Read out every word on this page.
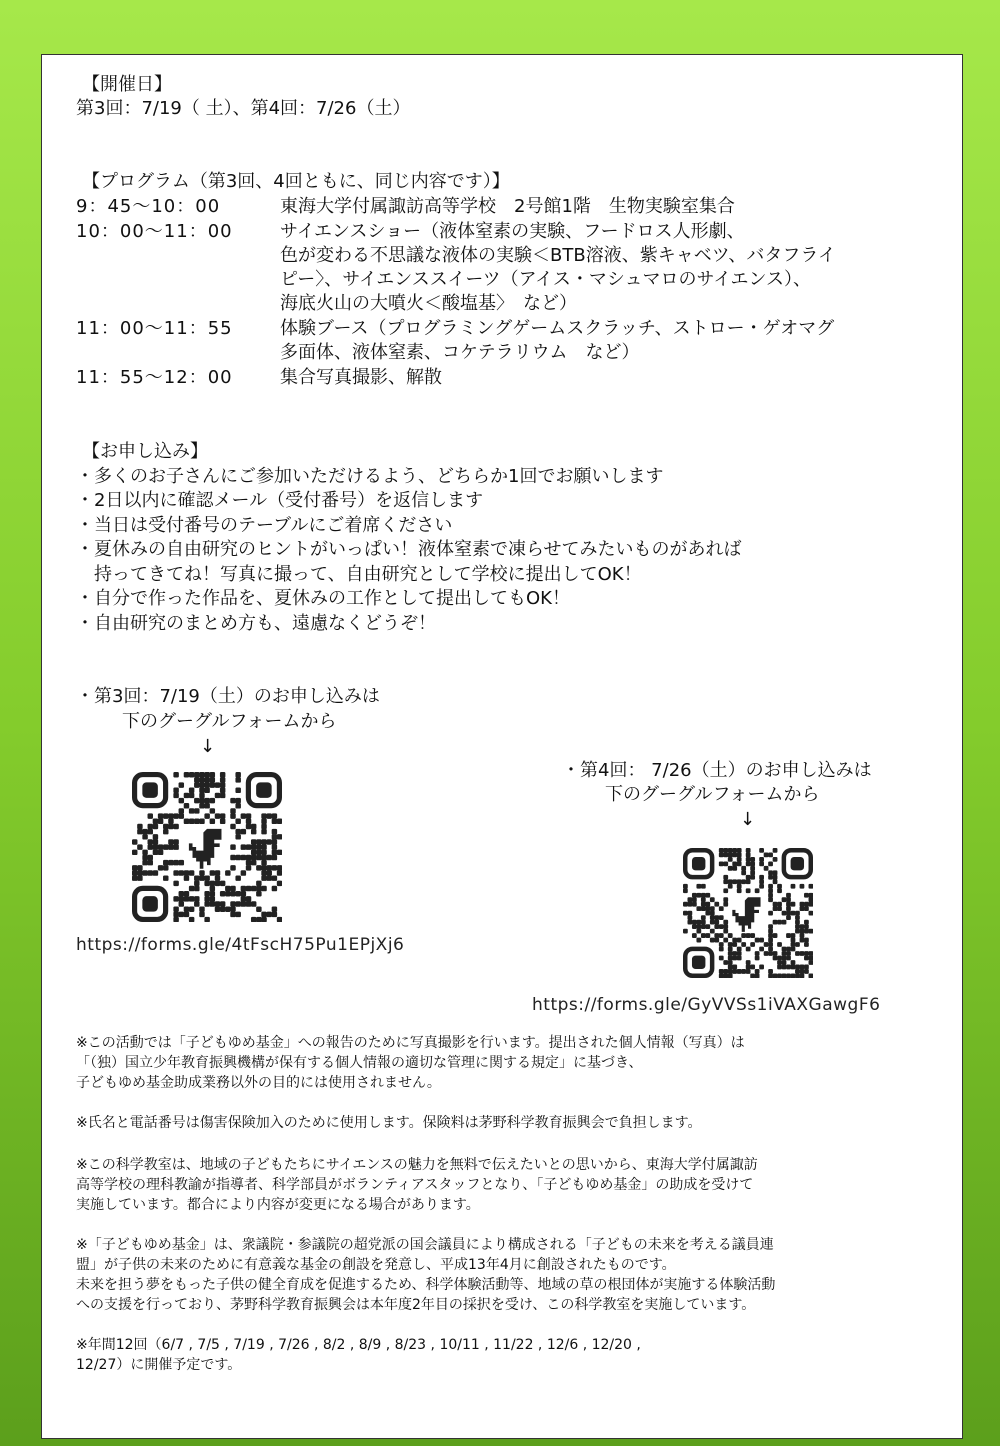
【開催日】
第3回：7/19（ 土）、第4回：7/26（土）
【プログラム（第3回、4回ともに、同じ内容です）】
9：45〜10：00	東海大学付属諏訪高等学校　2号館1階　生物実験室集合
10：00〜11：00	サイエンスショー（液体窒素の実験、フードロス人形劇、
色が変わる不思議な液体の実験＜BTB溶液、紫キャベツ、バタフライ
ピー〉、サイエンススイーツ（アイス・マシュマロのサイエンス）、
海底火山の大噴火＜酸塩基〉　など）
11：00〜11：55	体験ブース（プログラミングゲームスクラッチ、ストロー・ゲオマグ
多面体、液体窒素、コケテラリウム　など）
11：55〜12：00	集合写真撮影、解散
【お申し込み】
・多くのお子さんにご参加いただけるよう、どちらか1回でお願いします
・2日以内に確認メール（受付番号）を返信します
・当日は受付番号のテーブルにご着席ください
・夏休みの自由研究のヒントがいっぱい！液体窒素で凍らせてみたいものがあれば
　持ってきてね！写真に撮って、自由研究として学校に提出してOK！
・自分で作った作品を、夏休みの工作として提出してもOK！
・自由研究のまとめ方も、遠慮なくどうぞ！
・第3回：7/19（土）のお申し込みは
下のグーグルフォームから
↓
https://forms.gle/4tFscH75Pu1EPjXj6
・第4回： 7/26（土）のお申し込みは
下のグーグルフォームから
↓
https://forms.gle/GyVVSs1iVAXGawgF6
※この活動では「子どもゆめ基金」への報告のために写真撮影を行います。提出された個人情報（写真）は
「（独）国立少年教育振興機構が保有する個人情報の適切な管理に関する規定」に基づき、
子どもゆめ基金助成業務以外の目的には使用されません。
※氏名と電話番号は傷害保険加入のために使用します。保険料は茅野科学教育振興会で負担します。
※この科学教室は、地域の子どもたちにサイエンスの魅力を無料で伝えたいとの思いから、東海大学付属諏訪
高等学校の理科教諭が指導者、科学部員がボランティアスタッフとなり、「子どもゆめ基金」の助成を受けて
実施しています。都合により内容が変更になる場合があります。
※「子どもゆめ基金」は、衆議院・参議院の超党派の国会議員により構成される「子どもの未来を考える議員連
盟」が子供の未来のために有意義な基金の創設を発意し、平成13年4月に創設されたものです。
未来を担う夢をもった子供の健全育成を促進するため、科学体験活動等、地域の草の根団体が実施する体験活動
への支援を行っており、茅野科学教育振興会は本年度2年目の採択を受け、この科学教室を実施しています。
※年間12回（6/7 , 7/5 , 7/19 , 7/26 , 8/2 , 8/9 , 8/23 , 10/11 , 11/22 , 12/6 , 12/20 ,
12/27）に開催予定です。
